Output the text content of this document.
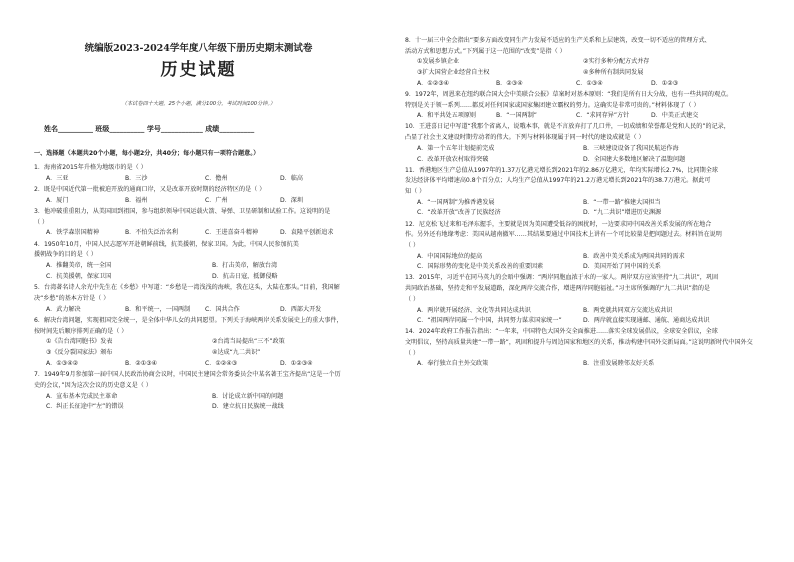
统编版2023-2024学年度八年级下册历史期末测试卷
历史试题
（本试卷四十大题，25个小题，满分100分，考试时间100分钟。）
姓名__________ 班级__________ 学号____________ 成绩__________
一、选择题（本题共20个小题，每小题2分，共40分；每小题只有一项符合题意。）
1．海南省2015年升格为地级市的是（ ）
A．三亚	B．三沙	C．儋州	D．临高
2．既是中国近代第一批被迫开放的通商口岸，又是改革开放时期的经济特区的是（ ）
A．厦门	B．福州	C．广州	D．深圳
3．他冲破重重阻力，从美国回到祖国，参与组织领导中国运载火箭、导弹、卫星研制和试验工作。这说明的是
（ ）
A．铁学森崇国精神	B．不怕失泛治名利	C．王进喜奋斗精神	D．袁隆平创新追求
4．1950年10月，中国人民志愿军开赴朝鲜前线，抗美援朝，保家卫国。为此，中国人民参加抗美
援朝战争的目的是（ ）
A．推翻美帝，统一全国	B．打击美帝，解放台湾
C．抗美援朝，保家卫国	D．抗击日寇，抵御侵略
5．台湾著名诗人余光中先生在《乡愁》中写道：“乡愁是一湾浅浅的海峡，我在这头，大陆在那头。”目前，我国解
决“乡愁”的基本方针是（ ）
A．武力解决	B．和平统一，一国两制 C．国共合作	D．西部大开发
6．解决台湾问题，实现祖国完全统一，是全体中华儿女的共同愿望。下列关于海峡两岸关系发展史上的重大事件，
按时间先后顺序排列正确的是（ ）
①《告台湾同胞书》发表	②台湾当局提出“三不”政策
③《反分裂国家法》颁布	④达成“九二共识”
A．①③④②	B．②①③④	C．①②④③	D．①②③④
7．1949年9月参加第一届中国人民政治协商会议时，中国民主建国会常务委员会中某名著王宝齐提出“这是一个历
史的会议，”因为这次会议的历史意义是（ ）
A．宣布基本完成民主革命	B．讨论成立新中国的问题
C．纠正长征途中“左”的错误	D．建立抗日民族统一战线
8．十一届三中全会指出“要多方面改变同生产力发展不适应的生产关系和上层建筑，改变一切不适应的管理方式、
活动方式和思想方式。”下列属于这一范围的“改变”是指（ ）
①发展乡镇企业	②实行多种分配方式并存
③扩大国营企业经营自主权	④多种所有制共同发展
A．①②③④	B．②③④	C．①③④	D．①②③
9．1972年，周恩来在纽约联合国大会中美联合公报》草案时对基本原则：“我们是所有日大分战，也有一些共同的观点。
特别是关于领一系列……都反对任何国家或国家集团建立霸权的努力。这确实是非常可贵的。”材料体现了（ ）
A．和平共处五项原则	B．“一国两制”	C．“求同存异”方针	D．中美正式建交
10．王进喜日记中写道“我那个省离人，说哦本事，就是不言放弃打了几口井，一切成绩和荣誉都是党和人民的”的记录，
凸显了社会主义建设时期劳动者的伟大。下列与材料体现属于同一时代的建设成就是（ ）
A．第一个五年计划提前完成	B．三峡建设设备了我国民航运作海
C．改革开放农村取得突破	D．全国建大多数地区解决了温饱问题
11．香港地区生产总值从1997年的1.37万亿港元增长到2021年的2.86万亿港元，年均实际增长2.7%，比同期全球
发达经济体平均增速高0.8个百分点；人均生产总值从1997年的21.2万港元增长到2021年的38.7万港元。据此可
知（ ）
A．“一国两制”为推香港发展	B．“一带一路”推建大国担当
C．“改革开放”改善了民族经济	D．“九二共识”增进历史渊源
12．尼克松飞过来和毛泽东握手，主要就是因为美国遭受低谷的困扰时，一边要求同中国改善关系发展的所在地合
作。另外还有地缘考虑：美国从越南撤军……其结果要通过中国技术上讲有一个可比较量是把问题过去。材料旨在说明
（ ）
A．中国国际地位的提高	B．政善中美关系成为两国共同的需求
C．国际形势的变化是中美关系改善的重要因素	D．美国开始了同中国的关系
13．2015年，习近平在同马英九的会晤中强调：“两岸同胞血浓于水的一家人。两岸双方应该坚持“九二共识”，巩固
共同政治基础，坚持走和平发展道路，深化两岸交流合作，增进两岸同胞福祉。”习主席所强调的“九二共识”指的是
（ ）
A．两岸就开展经济、文化等共同达成共识	B．两党就共同双方交流达成共识
C．“祖国两岸同属一个中国，共同努力谋求国家统一”	D．两岸就直接实现通邮、通航、通商达成共识
14．2024年政府工作报告指出：“一年来，中国特色大国外交全面推进……落实全球发展倡议，全球安全倡议，全球
文明倡议，坚持高质量共建“一带一路”，巩固和提升与周边国家和地区的关系，推动构建中国外交新局面。”这说明新时代中国外交
（ ）
A．奉行独立自主外交政策	B．注重发展睦邻友好关系
